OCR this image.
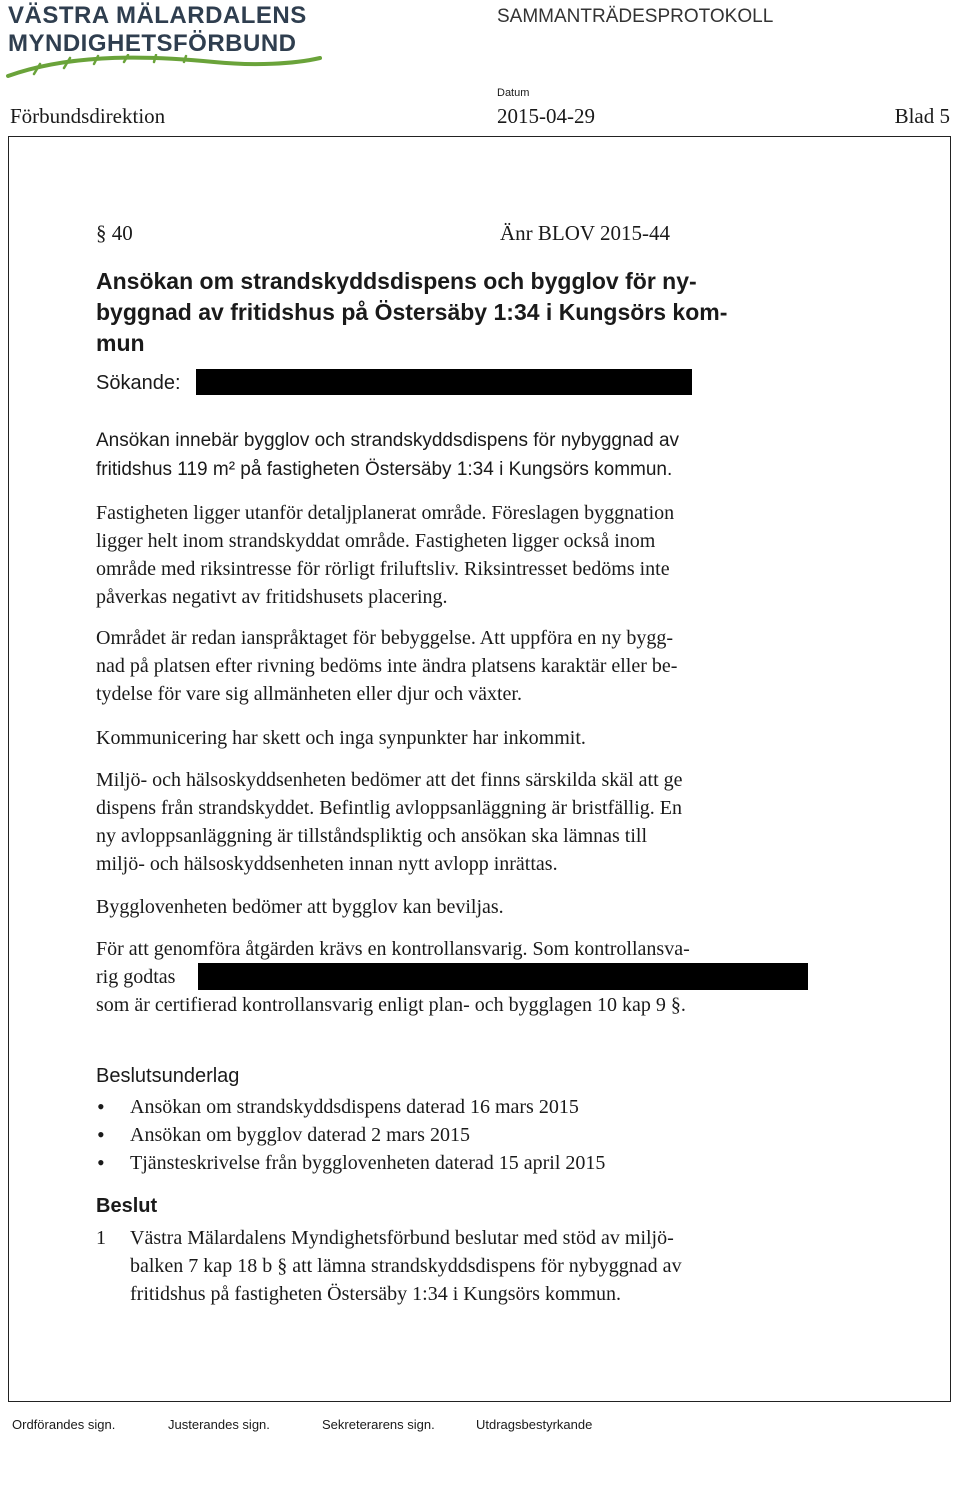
VÄSTRA MÄLARDALENS
MYNDIGHETSFÖRBUND
SAMMANTRÄDESPROTOKOLL
Förbundsdirektion
Datum
2015-04-29	Blad 5
§ 40	Änr BLOV 2015-44
Ansökan om strandskyddsdispens och bygglov för ny-
byggnad av fritidshus på Östersäby 1:34 i Kungsörs kom-
mun
Sökande:
Ansökan innebär bygglov och strandskyddsdispens för nybyggnad av
fritidshus 119 m² på fastigheten Östersäby 1:34 i Kungsörs kommun.
Fastigheten ligger utanför detaljplanerat område. Föreslagen byggnation
ligger helt inom strandskyddat område. Fastigheten ligger också inom
område med riksintresse för rörligt friluftsliv. Riksintresset bedöms inte
påverkas negativt av fritidshusets placering.
Området är redan ianspråktaget för bebyggelse. Att uppföra en ny bygg-
nad på platsen efter rivning bedöms inte ändra platsens karaktär eller be-
tydelse för vare sig allmänheten eller djur och växter.
Kommunicering har skett och inga synpunkter har inkommit.
Miljö- och hälsoskyddsenheten bedömer att det finns särskilda skäl att ge
dispens från strandskyddet. Befintlig avloppsanläggning är bristfällig. En
ny avloppsanläggning är tillståndspliktig och ansökan ska lämnas till
miljö- och hälsoskyddsenheten innan nytt avlopp inrättas.
Bygglovenheten bedömer att bygglov kan beviljas.
För att genomföra åtgärden krävs en kontrollansvarig. Som kontrollansva-
rig godtas
som är certifierad kontrollansvarig enligt plan- och bygglagen 10 kap 9 §.
Beslutsunderlag
• Ansökan om strandskyddsdispens daterad 16 mars 2015
• Ansökan om bygglov daterad 2 mars 2015
• Tjänsteskrivelse från bygglovenheten daterad 15 april 2015
Beslut
1 Västra Mälardalens Myndighetsförbund beslutar med stöd av miljö-
balken 7 kap 18 b § att lämna strandskyddsdispens för nybyggnad av
fritidshus på fastigheten Östersäby 1:34 i Kungsörs kommun.
Ordförandes sign.	Justerandes sign.	Sekreterarens sign.	Utdragsbestyrkande
